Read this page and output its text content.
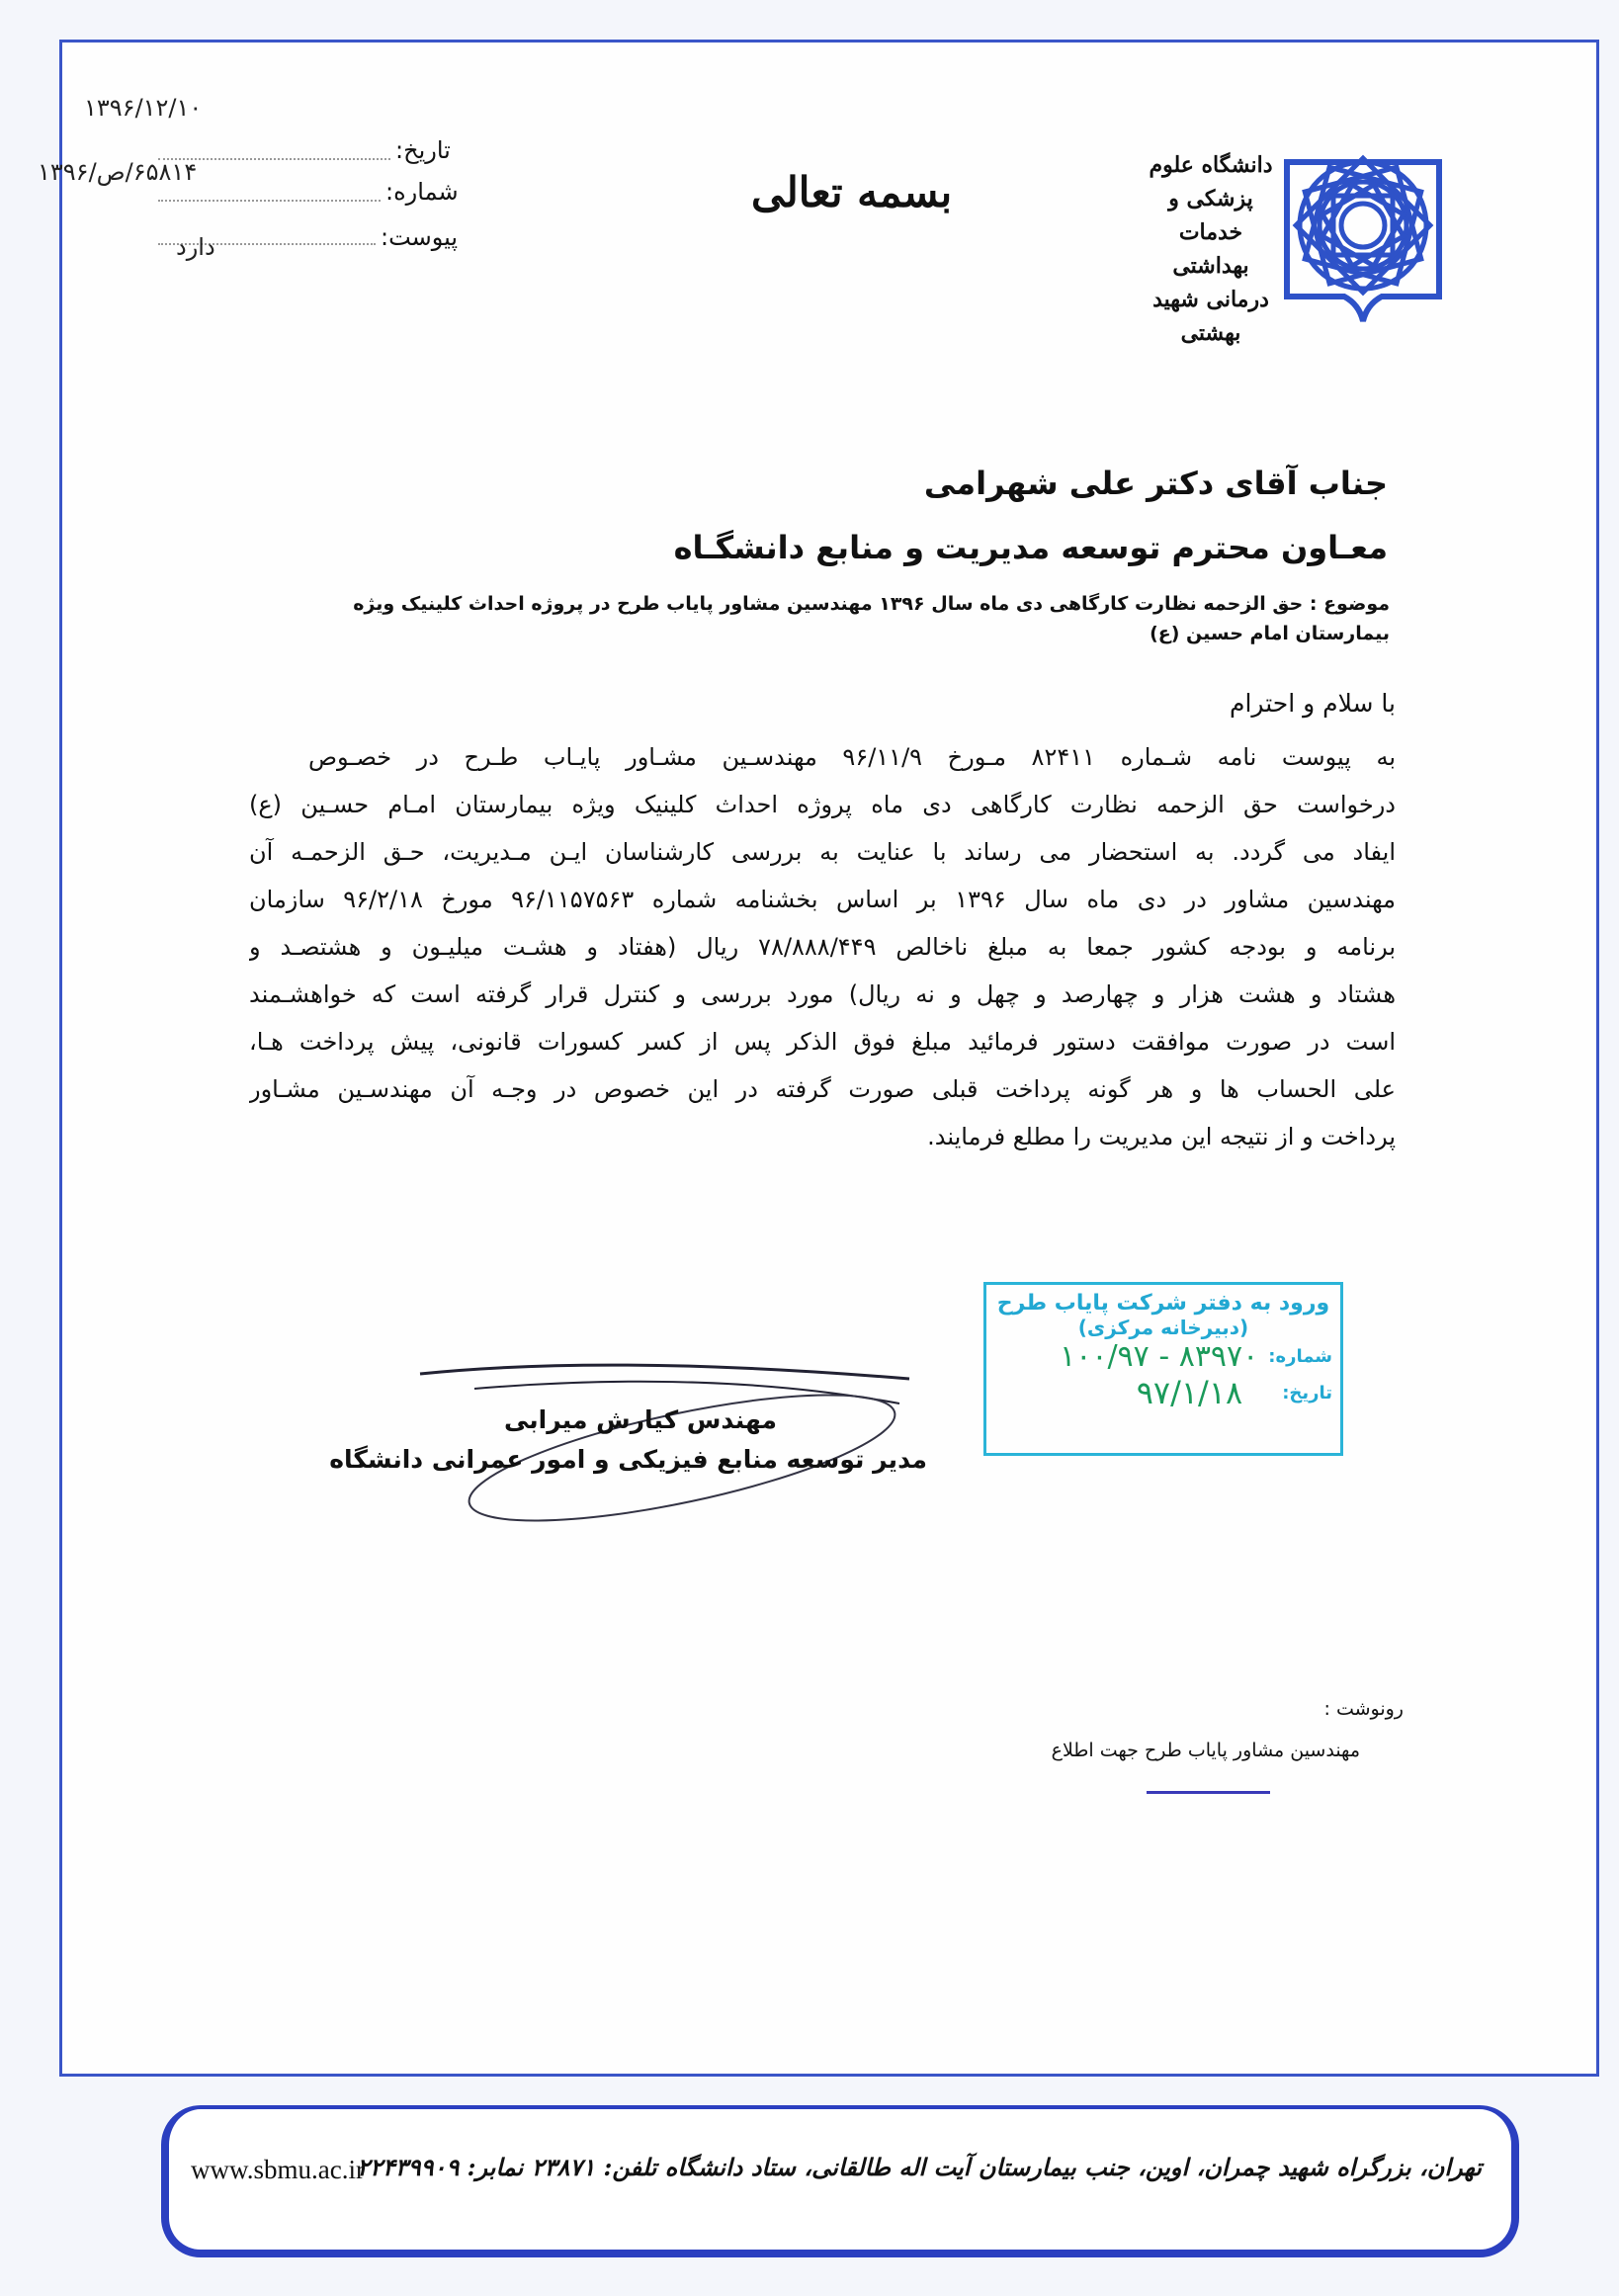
۱۳۹۶/۱۲/۱۰
تاریخ:
۶۵۸۱۴/ص/۱۳۹۶
شماره:
پیوست:
دارد
بسمه تعالی
دانشگاه علوم پزشکی و خدمات بهداشتی درمانی شهید بهشتی
جناب آقای دکتر علی شهرامی
معـاون محترم توسعه مدیریت و منابع دانشگـاه
موضوع : حق الزحمه نظارت کارگاهی دی ماه سال ۱۳۹۶ مهندسین مشاور پایاب طرح در پروژه احداث کلینیک ویژه بیمارستان امام حسین (ع)
با سلام و احترام
به پیوست نامه شـماره ۸۲۴۱۱ مـورخ ۹۶/۱۱/۹ مهندسـین مشـاور پایـاب طـرح در خصـوص
درخواست حق الزحمه نظارت کارگاهی دی ماه پروژه احداث کلینیک ویژه بیمارستان امـام حسـین (ع)
ایفاد می گردد. به استحضار می رساند با عنایت به بررسی کارشناسان ایـن مـدیریت، حـق الزحمـه آن
مهندسین مشاور در دی ماه سال ۱۳۹۶ بر اساس بخشنامه شماره ۹۶/۱۱۵۷۵۶۳ مورخ ۹۶/۲/۱۸ سازمان
برنامه و بودجه کشور جمعا به مبلغ ناخالص ۷۸/۸۸۸/۴۴۹ ریال (هفتاد و هشـت میلیـون و هشتصـد و
هشتاد و هشت هزار و چهارصد و چهل و نه ریال) مورد بررسی و کنترل قرار گرفته است که خواهشـمند
است در صورت موافقت دستور فرمائید مبلغ فوق الذکر پس از کسر کسورات قانونی، پیش پرداخت هـا،
علی الحساب ها و هر گونه پرداخت قبلی صورت گرفته در این خصوص در وجـه آن مهندسـین مشـاور
پرداخت و از نتیجه این مدیریت را مطلع فرمایند.
ورود به دفتر شرکت پایاب طرح
(دبیرخانه مرکزی)
شماره:
۸۳۹۷۰ - ۱۰۰/۹۷
تاریخ:
۹۷/۱/۱۸
مهندس کیارش میرابی
مدیر توسعه منابع فیزیکی و امور عمرانی دانشگاه
رونوشت :
مهندسین مشاور پایاب طرح جهت اطلاع
تهران، بزرگراه شهید چمران، اوین، جنب بیمارستان آیت اله طالقانی، ستاد دانشگاه تلفن: ۲۳۸۷۱ نمابر: ۲۲۴۳۹۹۰۹
www.sbmu.ac.ir
